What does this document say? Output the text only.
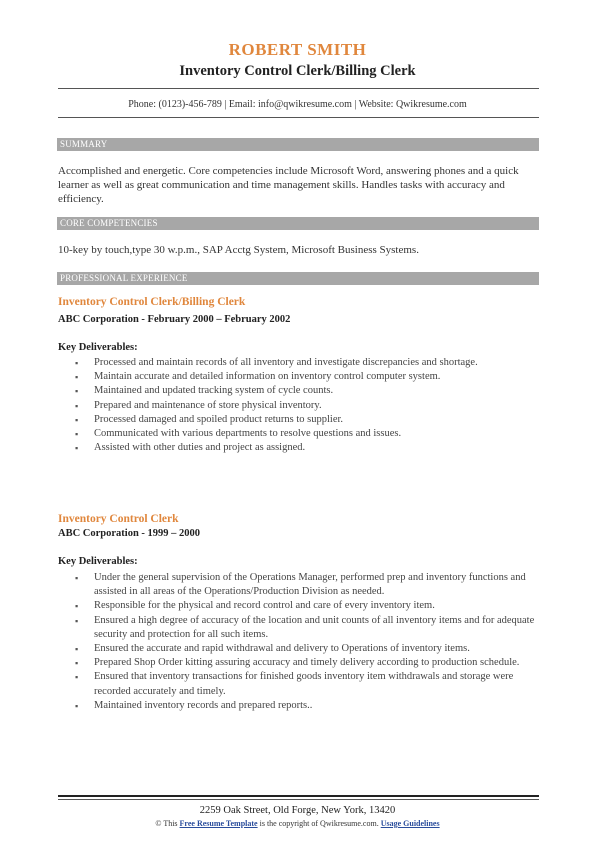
ROBERT SMITH
Inventory Control Clerk/Billing Clerk
Phone: (0123)-456-789 | Email: info@qwikresume.com | Website: Qwikresume.com
SUMMARY
Accomplished and energetic. Core competencies include Microsoft Word, answering phones and a quick learner as well as great communication and time management skills. Handles tasks with accuracy and efficiency.
CORE COMPETENCIES
10-key by touch,type 30 w.p.m., SAP Acctg System, Microsoft Business Systems.
PROFESSIONAL EXPERIENCE
Inventory Control Clerk/Billing Clerk
ABC Corporation - February 2000 – February 2002
Key Deliverables:
▪ Processed and maintain records of all inventory and investigate discrepancies and shortage.
▪ Maintain accurate and detailed information on inventory control computer system.
▪ Maintained and updated tracking system of cycle counts.
▪ Prepared and maintenance of store physical inventory.
▪ Processed damaged and spoiled product returns to supplier.
▪ Communicated with various departments to resolve questions and issues.
▪ Assisted with other duties and project as assigned.
Inventory Control Clerk
ABC Corporation - 1999 – 2000
Key Deliverables:
▪ Under the general supervision of the Operations Manager, performed prep and inventory functions and assisted in all areas of the Operations/Production Division as needed.
▪ Responsible for the physical and record control and care of every inventory item.
▪ Ensured a high degree of accuracy of the location and unit counts of all inventory items and for adequate security and protection for all such items.
▪ Ensured the accurate and rapid withdrawal and delivery to Operations of inventory items.
▪ Prepared Shop Order kitting assuring accuracy and timely delivery according to production schedule.
▪ Ensured that inventory transactions for finished goods inventory item withdrawals and storage were recorded accurately and timely.
▪ Maintained inventory records and prepared reports..
2259 Oak Street, Old Forge, New York, 13420
© This Free Resume Template is the copyright of Qwikresume.com. Usage Guidelines
